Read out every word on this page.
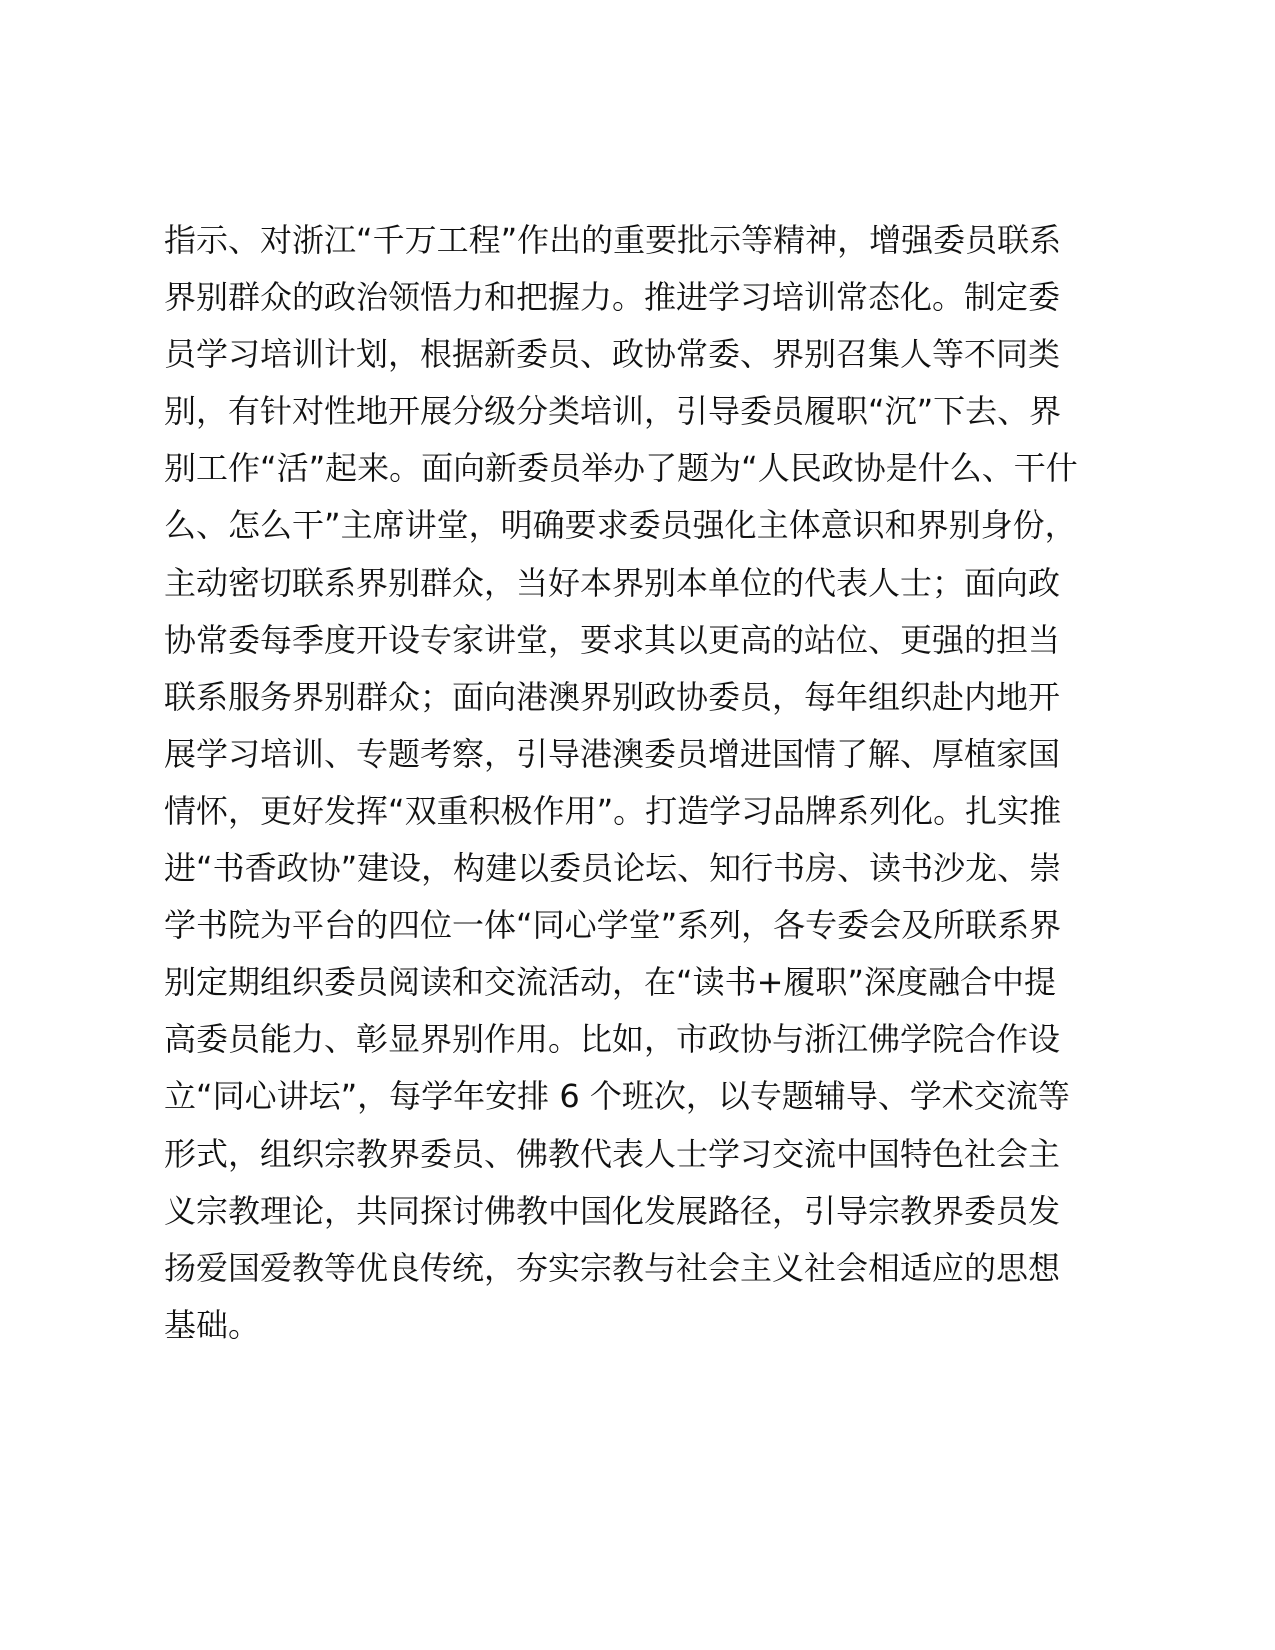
指示、对浙江“千万工程”作出的重要批示等精神，增强委员联系
界别群众的政治领悟力和把握力。推进学习培训常态化。制定委
员学习培训计划，根据新委员、政协常委、界别召集人等不同类
别，有针对性地开展分级分类培训，引导委员履职“沉”下去、界
别工作“活”起来。面向新委员举办了题为“人民政协是什么、干什
么、怎么干”主席讲堂，明确要求委员强化主体意识和界别身份，
主动密切联系界别群众，当好本界别本单位的代表人士；面向政
协常委每季度开设专家讲堂，要求其以更高的站位、更强的担当
联系服务界别群众；面向港澳界别政协委员，每年组织赴内地开
展学习培训、专题考察，引导港澳委员增进国情了解、厚植家国
情怀，更好发挥“双重积极作用”。打造学习品牌系列化。扎实推
进“书香政协”建设，构建以委员论坛、知行书房、读书沙龙、崇
学书院为平台的四位一体“同心学堂”系列，各专委会及所联系界
别定期组织委员阅读和交流活动，在“读书+履职”深度融合中提
高委员能力、彰显界别作用。比如，市政协与浙江佛学院合作设
立“同心讲坛”，每学年安排 6 个班次，以专题辅导、学术交流等
形式，组织宗教界委员、佛教代表人士学习交流中国特色社会主
义宗教理论，共同探讨佛教中国化发展路径，引导宗教界委员发
扬爱国爱教等优良传统，夯实宗教与社会主义社会相适应的思想
基础。
